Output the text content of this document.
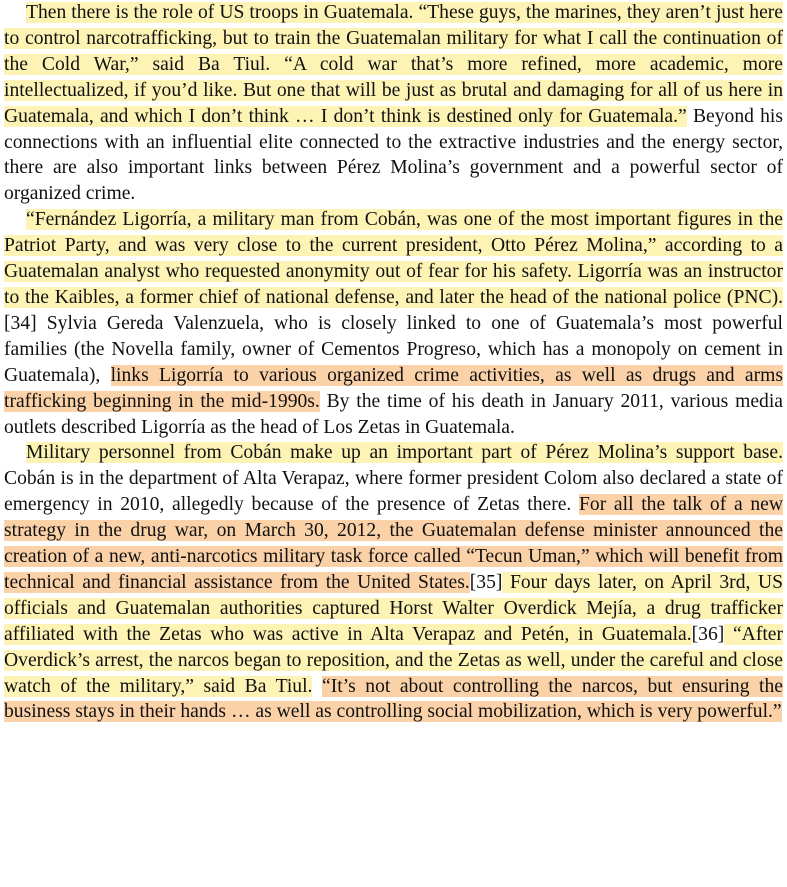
Then there is the role of US troops in Guatemala. “These guys, the marines, they aren’t just here to control narcotrafficking, but to train the Guatemalan military for what I call the continuation of the Cold War,” said Ba Tiul. “A cold war that’s more refined, more academic, more intellectualized, if you’d like. But one that will be just as brutal and damaging for all of us here in Guatemala, and which I don’t think … I don’t think is destined only for Guatemala.” Beyond his connections with an influential elite connected to the extractive industries and the energy sector, there are also important links between Pérez Molina’s government and a powerful sector of organized crime.

“Fernández Ligorría, a military man from Cobán, was one of the most important figures in the Patriot Party, and was very close to the current president, Otto Pérez Molina,” according to a Guatemalan analyst who requested anonymity out of fear for his safety. Ligorría was an instructor to the Kaibles, a former chief of national defense, and later the head of the national police (PNC).[34] Sylvia Gereda Valenzuela, who is closely linked to one of Guatemala’s most powerful families (the Novella family, owner of Cementos Progreso, which has a monopoly on cement in Guatemala), links Ligorría to various organized crime activities, as well as drugs and arms trafficking beginning in the mid-1990s. By the time of his death in January 2011, various media outlets described Ligorría as the head of Los Zetas in Guatemala.

Military personnel from Cobán make up an important part of Pérez Molina’s support base. Cobán is in the department of Alta Verapaz, where former president Colom also declared a state of emergency in 2010, allegedly because of the presence of Zetas there. For all the talk of a new strategy in the drug war, on March 30, 2012, the Guatemalan defense minister announced the creation of a new, anti-narcotics military task force called “Tecun Uman,” which will benefit from technical and financial assistance from the United States.[35] Four days later, on April 3rd, US officials and Guatemalan authorities captured Horst Walter Overdick Mejía, a drug trafficker affiliated with the Zetas who was active in Alta Verapaz and Petén, in Guatemala.[36] “After Overdick’s arrest, the narcos began to reposition, and the Zetas as well, under the careful and close watch of the military,” said Ba Tiul. “It’s not about controlling the narcos, but ensuring the business stays in their hands … as well as controlling social mobilization, which is very powerful.”
